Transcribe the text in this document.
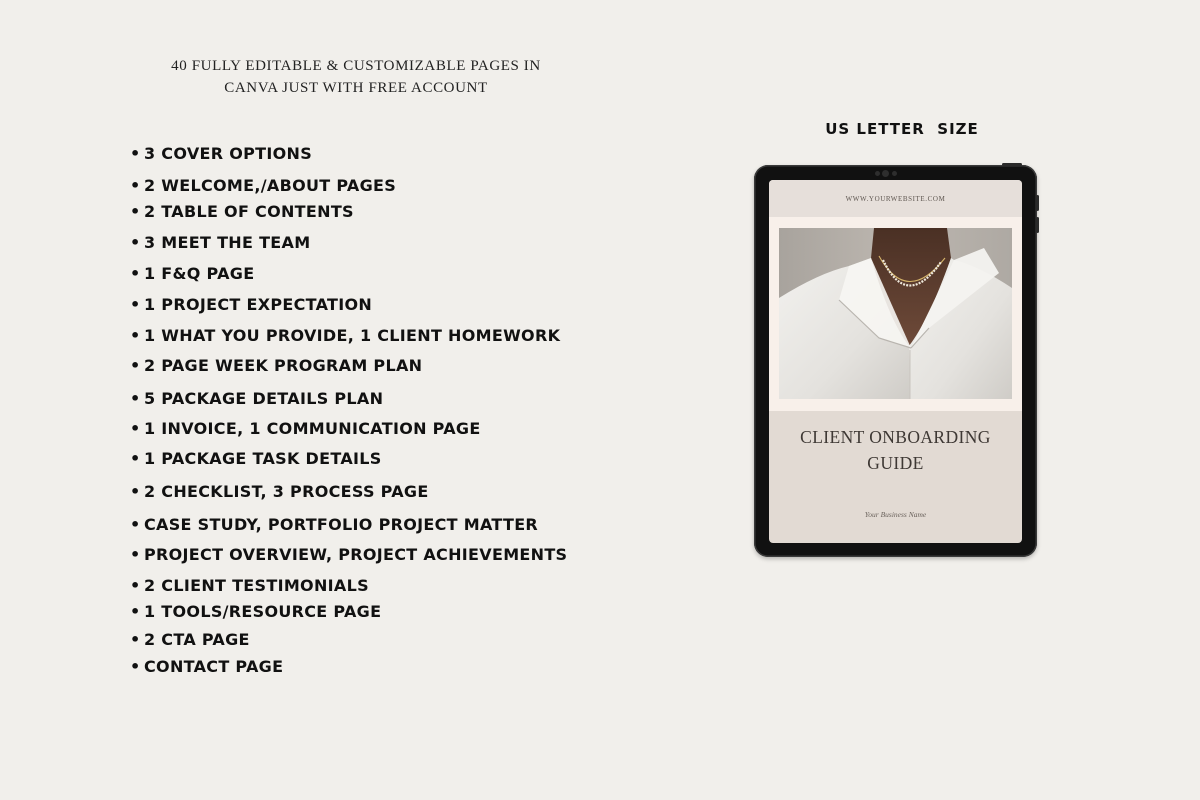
40 FULLY EDITABLE & CUSTOMIZABLE PAGES IN
CANVA JUST WITH FREE ACCOUNT
• 3 COVER OPTIONS
• 2 WELCOME,/ABOUT PAGES
• 2 TABLE OF CONTENTS
• 3 MEET THE TEAM
• 1 F&Q PAGE
• 1 PROJECT EXPECTATION
• 1 WHAT YOU PROVIDE, 1 CLIENT HOMEWORK
• 2 PAGE WEEK PROGRAM PLAN
• 5 PACKAGE DETAILS PLAN
• 1 INVOICE, 1 COMMUNICATION PAGE
• 1 PACKAGE TASK DETAILS
• 2 CHECKLIST, 3 PROCESS PAGE
• CASE STUDY, PORTFOLIO PROJECT MATTER
• PROJECT OVERVIEW, PROJECT ACHIEVEMENTS
• 2 CLIENT TESTIMONIALS
• 1 TOOLS/RESOURCE PAGE
• 2 CTA PAGE
• CONTACT PAGE
US LETTER  SIZE
WWW.YOURWEBSITE.COM
CLIENT ONBOARDING
GUIDE
Your Business Name
